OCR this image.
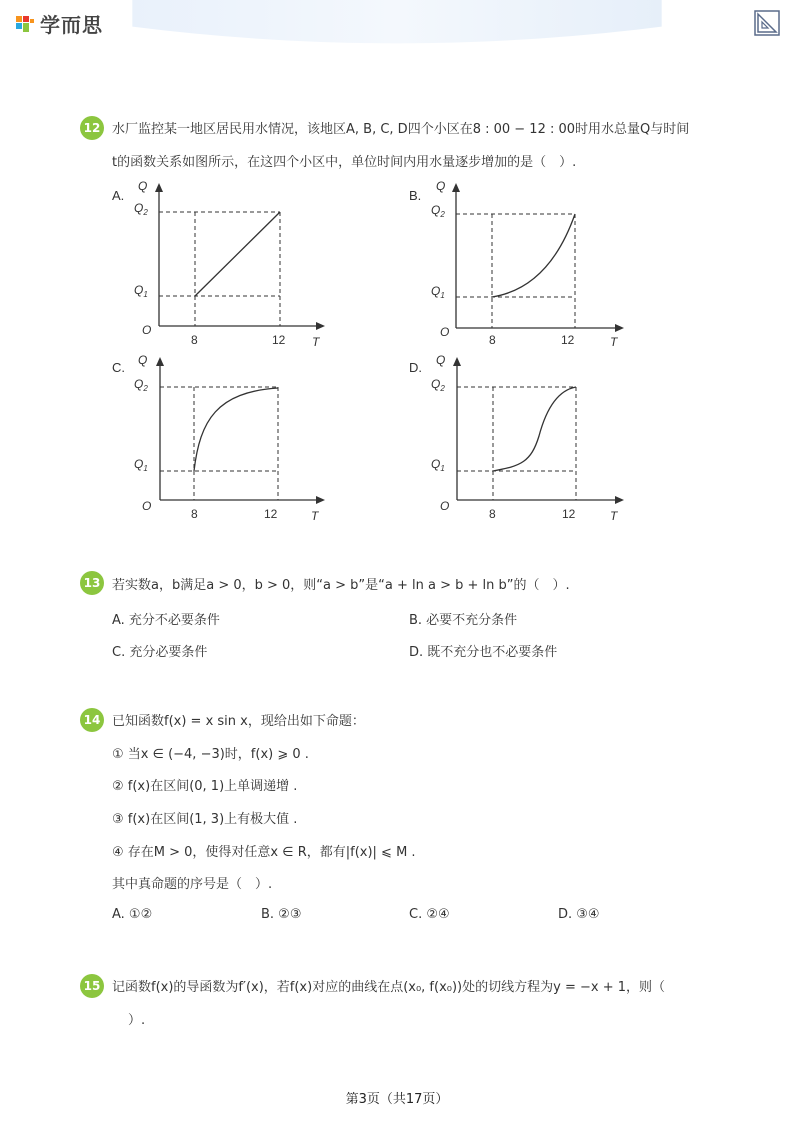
学而思
12 水厂监控某一地区居民用水情况，该地区A, B, C, D四个小区在8 : 00 − 12 : 00时用水总量Q与时间
t的函数关系如图所示，在这四个小区中，单位时间内用水量逐步增加的是（　）.
A.
Q
$Q_2$
$Q_1$
O
8	12 T
B.
Q
$Q_2$
$Q_1$
O
8	12	T
C. Q
$Q_2$
$Q_1$
O
8	12	T
D. Q
$Q_2$
$Q_1$
O
8	12	T
13 若实数a，b满足a > 0，b > 0，则“a > b”是“a + ln a > b + ln b”的（　）.
A. 充分不必要条件	B. 必要不充分条件
C. 充分必要条件	D. 既不充分也不必要条件
14 已知函数f(x) = x sin x，现给出如下命题：
① 当x ∈ (−4, −3)时，f(x) ⩾ 0 .
② f(x)在区间(0, 1)上单调递增 .
③ f(x)在区间(1, 3)上有极大值 .
④ 存在M > 0，使得对任意x ∈ R，都有|f(x)| ⩽ M .
其中真命题的序号是（　）.
A. ①②	B. ②③	C. ②④	D. ③④
15 记函数f(x)的导函数为f′(x)，若f(x)对应的曲线在点(x₀, f(x₀))处的切线方程为y = −x + 1，则（
）.
第3页（共17页）
